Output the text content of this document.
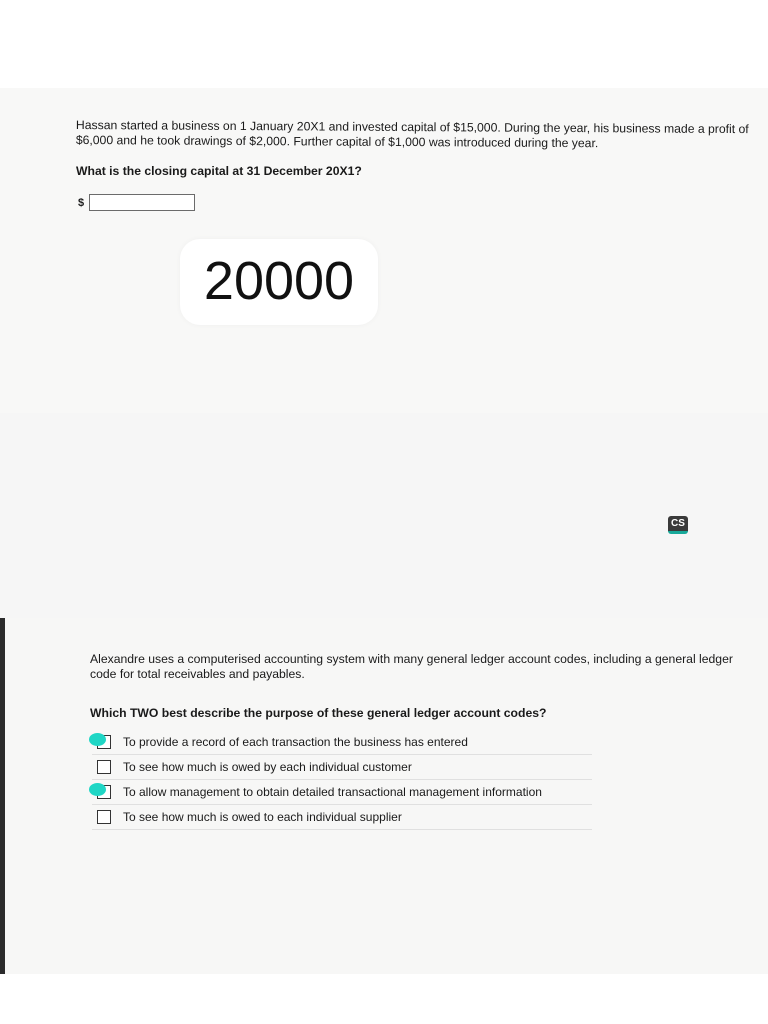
Hassan started a business on 1 January 20X1 and invested capital of $15,000. During the year, his business made a profit of $6,000 and he took drawings of $2,000. Further capital of $1,000 was introduced during the year.
What is the closing capital at 31 December 20X1?
$
20000
CS
Alexandre uses a computerised accounting system with many general ledger account codes, including a general ledger code for total receivables and payables.
Which TWO best describe the purpose of these general ledger account codes?
To provide a record of each transaction the business has entered
To see how much is owed by each individual customer
To allow management to obtain detailed transactional management information
To see how much is owed to each individual supplier
